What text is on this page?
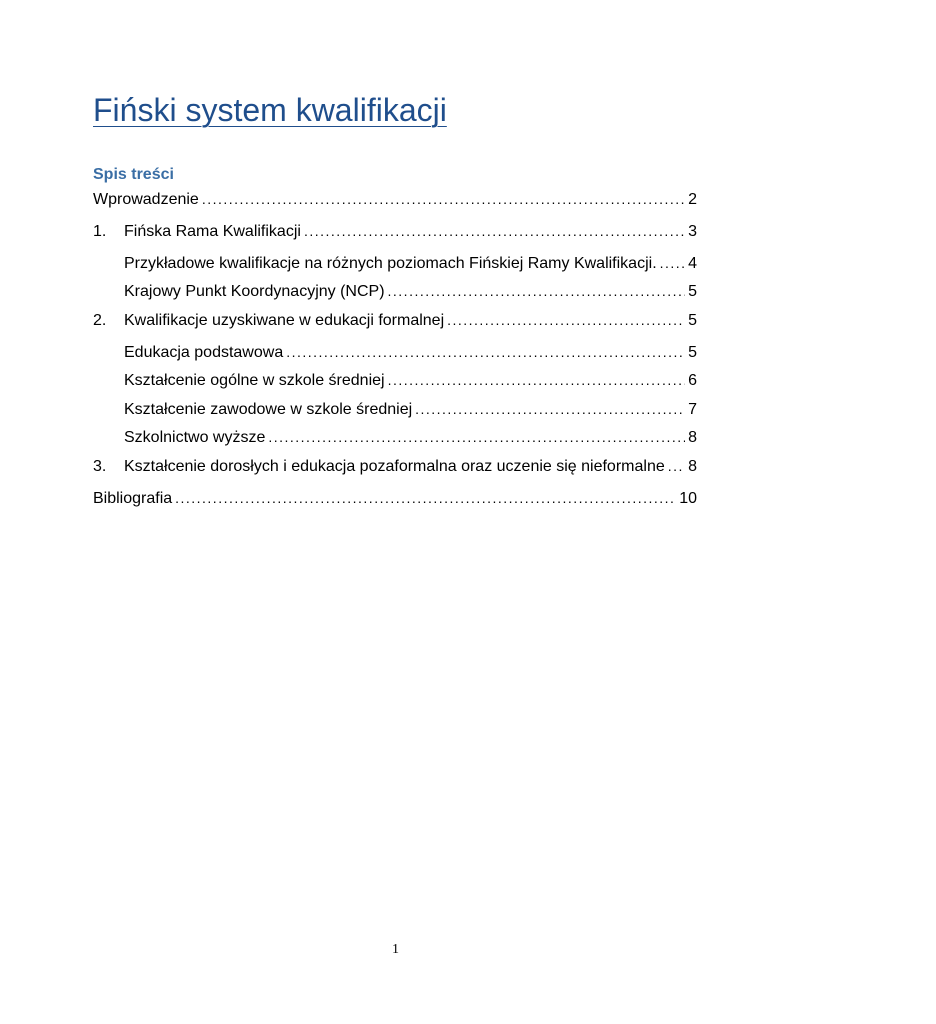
Fiński system kwalifikacji
Spis treści
Wprowadzenie . . .	2
1.	Fińska Rama Kwalifikacji . . .	3
Przykładowe kwalifikacje na różnych poziomach Fińskiej Ramy Kwalifikacji. . . . 4
Krajowy Punkt Koordynacyjny (NCP) . . .	5
2.	Kwalifikacje uzyskiwane w edukacji formalnej . . .	5
Edukacja podstawowa . . .	5
Kształcenie ogólne w szkole średniej . . .	6
Kształcenie zawodowe w szkole średniej . . .	7
Szkolnictwo wyższe . . .	8
3.	Kształcenie dorosłych i edukacja pozaformalna oraz uczenie się nieformalne . . . 8
Bibliografia . . .	10
1
